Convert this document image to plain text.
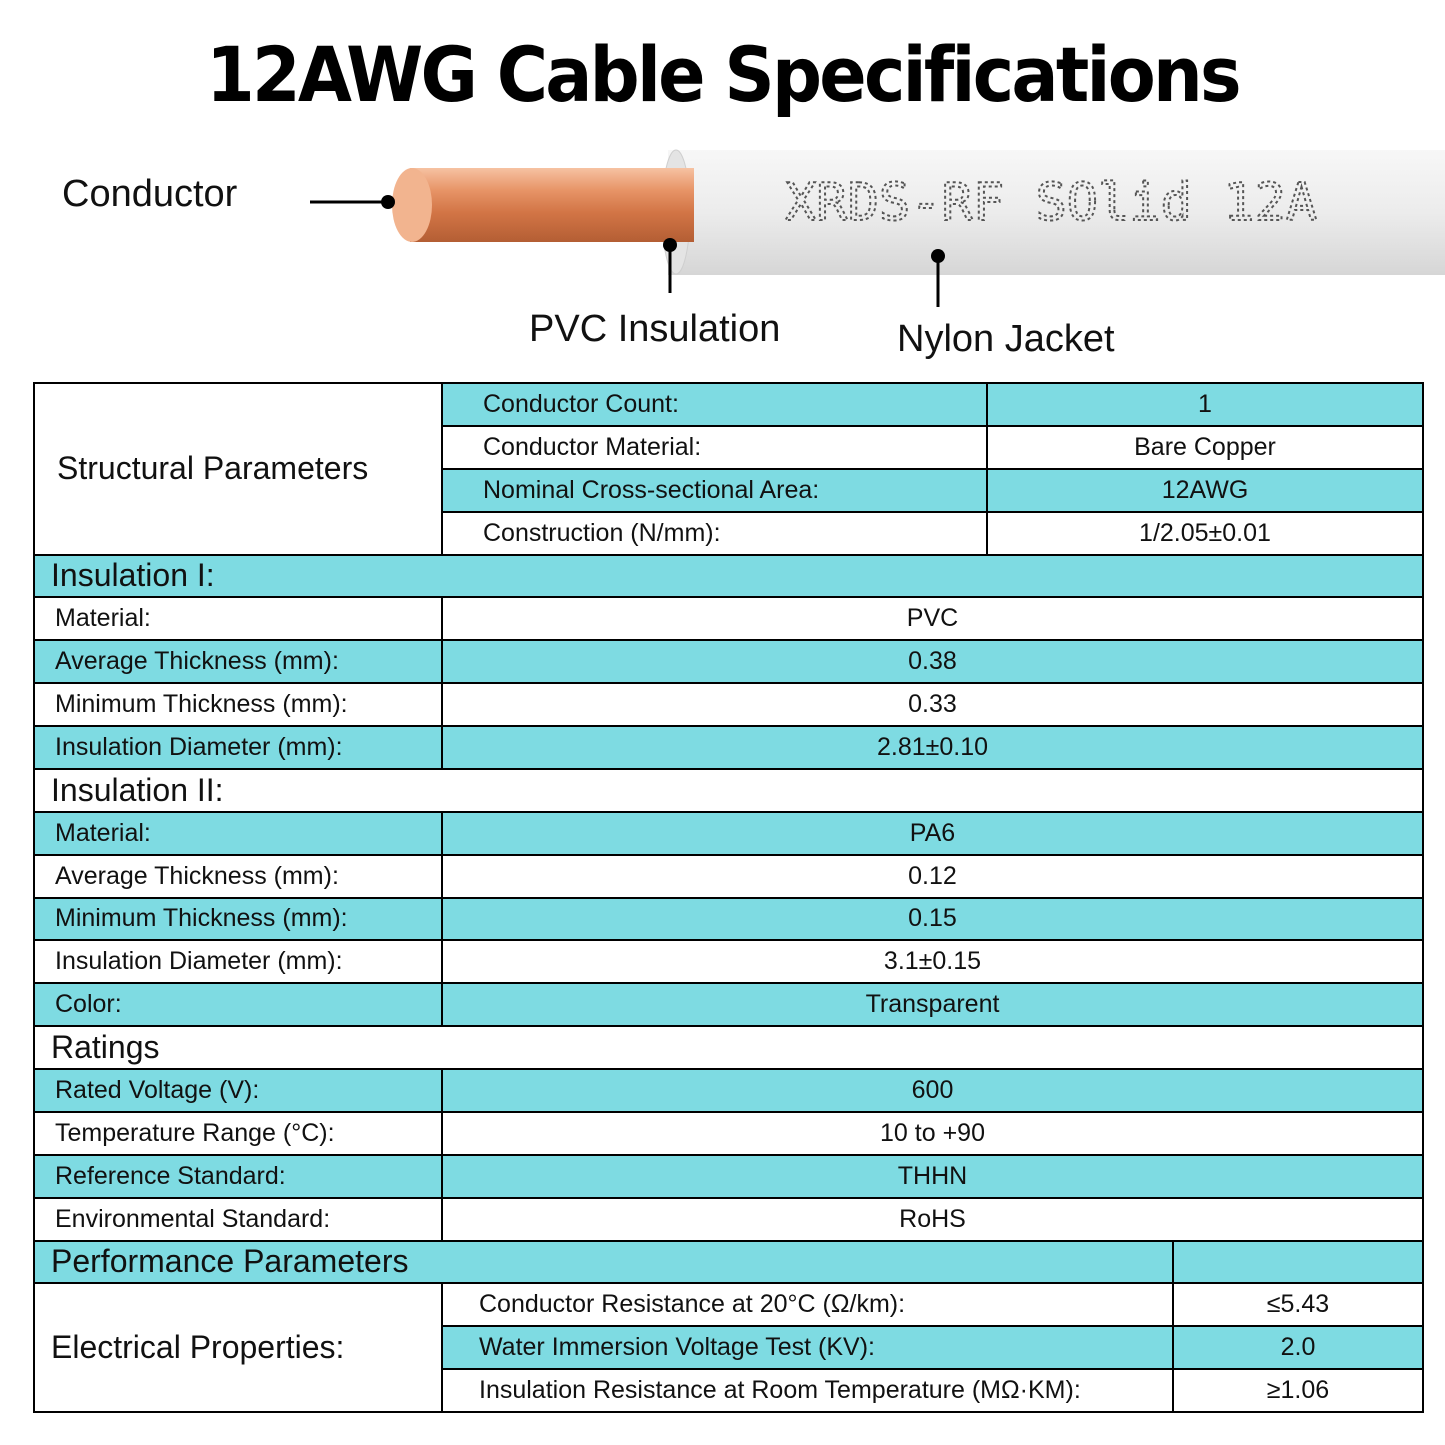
12AWG Cable Specifications
XRDS-RF SOlid 12A
Conductor
PVC Insulation	Nylon Jacket
Structural Parameters	Conductor Count:	1	
	Conductor Material:	Bare Copper	
	Nominal Cross-sectional Area:	12AWG	
	Construction (N/mm):	1/2.05±0.01	
Insulation I:			
Material:	PVC		
Average Thickness (mm):	0.38		
Minimum Thickness (mm):	0.33		
Insulation Diameter (mm):	2.81±0.10		
Insulation II:			
Material:	PA6		
Average Thickness (mm):	0.12		
Minimum Thickness (mm):	0.15		
Insulation Diameter (mm):	3.1±0.15		
Color:	Transparent		
Ratings			
Rated Voltage (V):	600		
Temperature Range (°C):	10 to +90		
Reference Standard:	THHN		
Environmental Standard:	RoHS		
Performance Parameters			
Electrical Properties:	Conductor Resistance at 20°C (Ω/km):		≤5.43
	Water Immersion Voltage Test (KV):		2.0
	Insulation Resistance at Room Temperature (MΩ·KM):		≥1.06
